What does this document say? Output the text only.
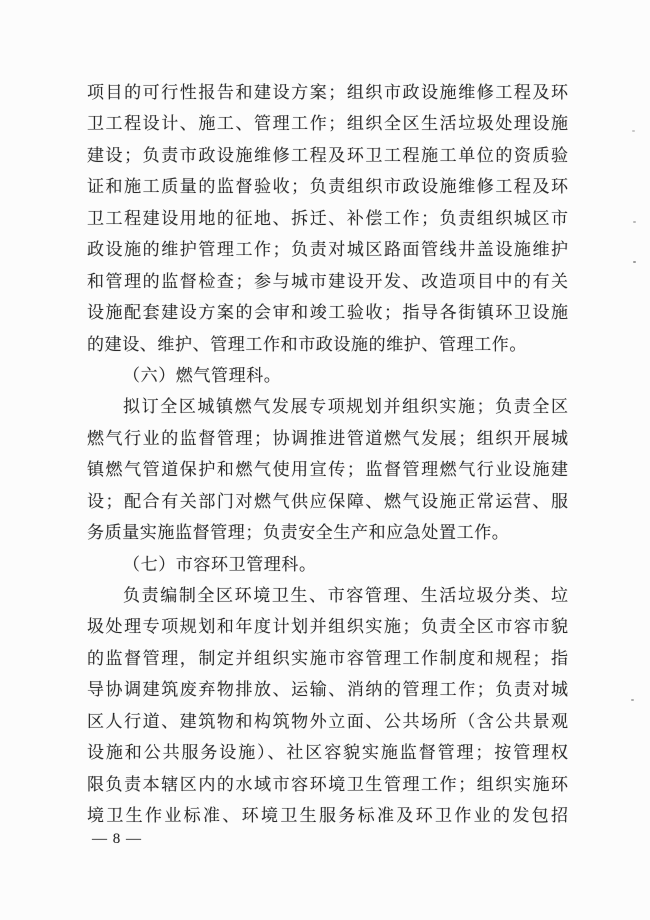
项目的可行性报告和建设方案；组织市政设施维修工程及环
卫工程设计、施工、管理工作；组织全区生活垃圾处理设施
建设；负责市政设施维修工程及环卫工程施工单位的资质验
证和施工质量的监督验收；负责组织市政设施维修工程及环
卫工程建设用地的征地、拆迁、补偿工作；负责组织城区市
政设施的维护管理工作；负责对城区路面管线井盖设施维护
和管理的监督检查；参与城市建设开发、改造项目中的有关
设施配套建设方案的会审和竣工验收；指导各街镇环卫设施
的建设、维护、管理工作和市政设施的维护、管理工作。
（六）燃气管理科。
拟订全区城镇燃气发展专项规划并组织实施；负责全区
燃气行业的监督管理；协调推进管道燃气发展；组织开展城
镇燃气管道保护和燃气使用宣传；监督管理燃气行业设施建
设；配合有关部门对燃气供应保障、燃气设施正常运营、服
务质量实施监督管理；负责安全生产和应急处置工作。
（七）市容环卫管理科。
负责编制全区环境卫生、市容管理、生活垃圾分类、垃
圾处理专项规划和年度计划并组织实施；负责全区市容市貌
的监督管理，制定并组织实施市容管理工作制度和规程；指
导协调建筑废弃物排放、运输、消纳的管理工作；负责对城
区人行道、建筑物和构筑物外立面、公共场所（含公共景观
设施和公共服务设施）、社区容貌实施监督管理；按管理权
限负责本辖区内的水域市容环境卫生管理工作；组织实施环
境卫生作业标准、环境卫生服务标准及环卫作业的发包招
— 8 —
